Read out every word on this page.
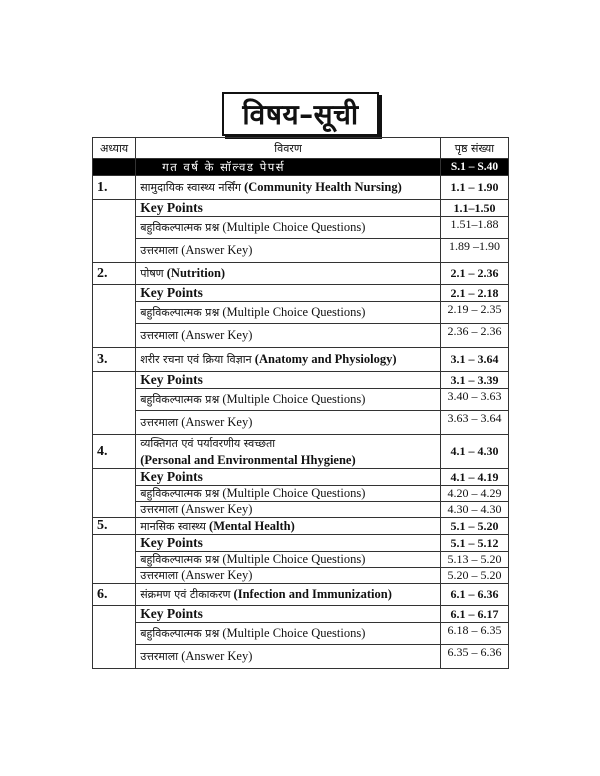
विषय–सूची
अध्याय	विवरण	पृष्ठ संख्या
	गत वर्ष के सॉल्वड पेपर्स	S.1 – S.40
1.	सामुदायिक स्वास्थ्य नर्सिंग (Community Health Nursing)	1.1 – 1.90
	Key Points	1.1–1.50
	बहुविकल्पात्मक प्रश्न (Multiple Choice Questions)	1.51–1.88
	उत्तरमाला (Answer Key)	1.89 –1.90
2.	पोषण (Nutrition)	2.1 – 2.36
	Key Points	2.1 – 2.18
	बहुविकल्पात्मक प्रश्न (Multiple Choice Questions)	2.19 – 2.35
	उत्तरमाला (Answer Key)	2.36 – 2.36
3.	शरीर रचना एवं क्रिया विज्ञान (Anatomy and Physiology)	3.1 – 3.64
	Key Points	3.1 – 3.39
	बहुविकल्पात्मक प्रश्न (Multiple Choice Questions)	3.40 – 3.63
	उत्तरमाला (Answer Key)	3.63 – 3.64
4.	व्यक्तिगत एवं पर्यावरणीय स्वच्छता
(Personal and Environmental Hhygiene)	4.1 – 4.30
	Key Points	4.1 – 4.19
	बहुविकल्पात्मक प्रश्न (Multiple Choice Questions)	4.20 – 4.29
	उत्तरमाला (Answer Key)	4.30 – 4.30
5.	मानसिक स्वास्थ्य (Mental Health)	5.1 – 5.20
	Key Points	5.1 – 5.12
	बहुविकल्पात्मक प्रश्न (Multiple Choice Questions)	5.13 – 5.20
	उत्तरमाला (Answer Key)	5.20 – 5.20
6.	संक्रमण एवं टीकाकरण (Infection and Immunization)	6.1 – 6.36
	Key Points	6.1 – 6.17
	बहुविकल्पात्मक प्रश्न (Multiple Choice Questions)	6.18 – 6.35
	उत्तरमाला (Answer Key)	6.35 – 6.36
